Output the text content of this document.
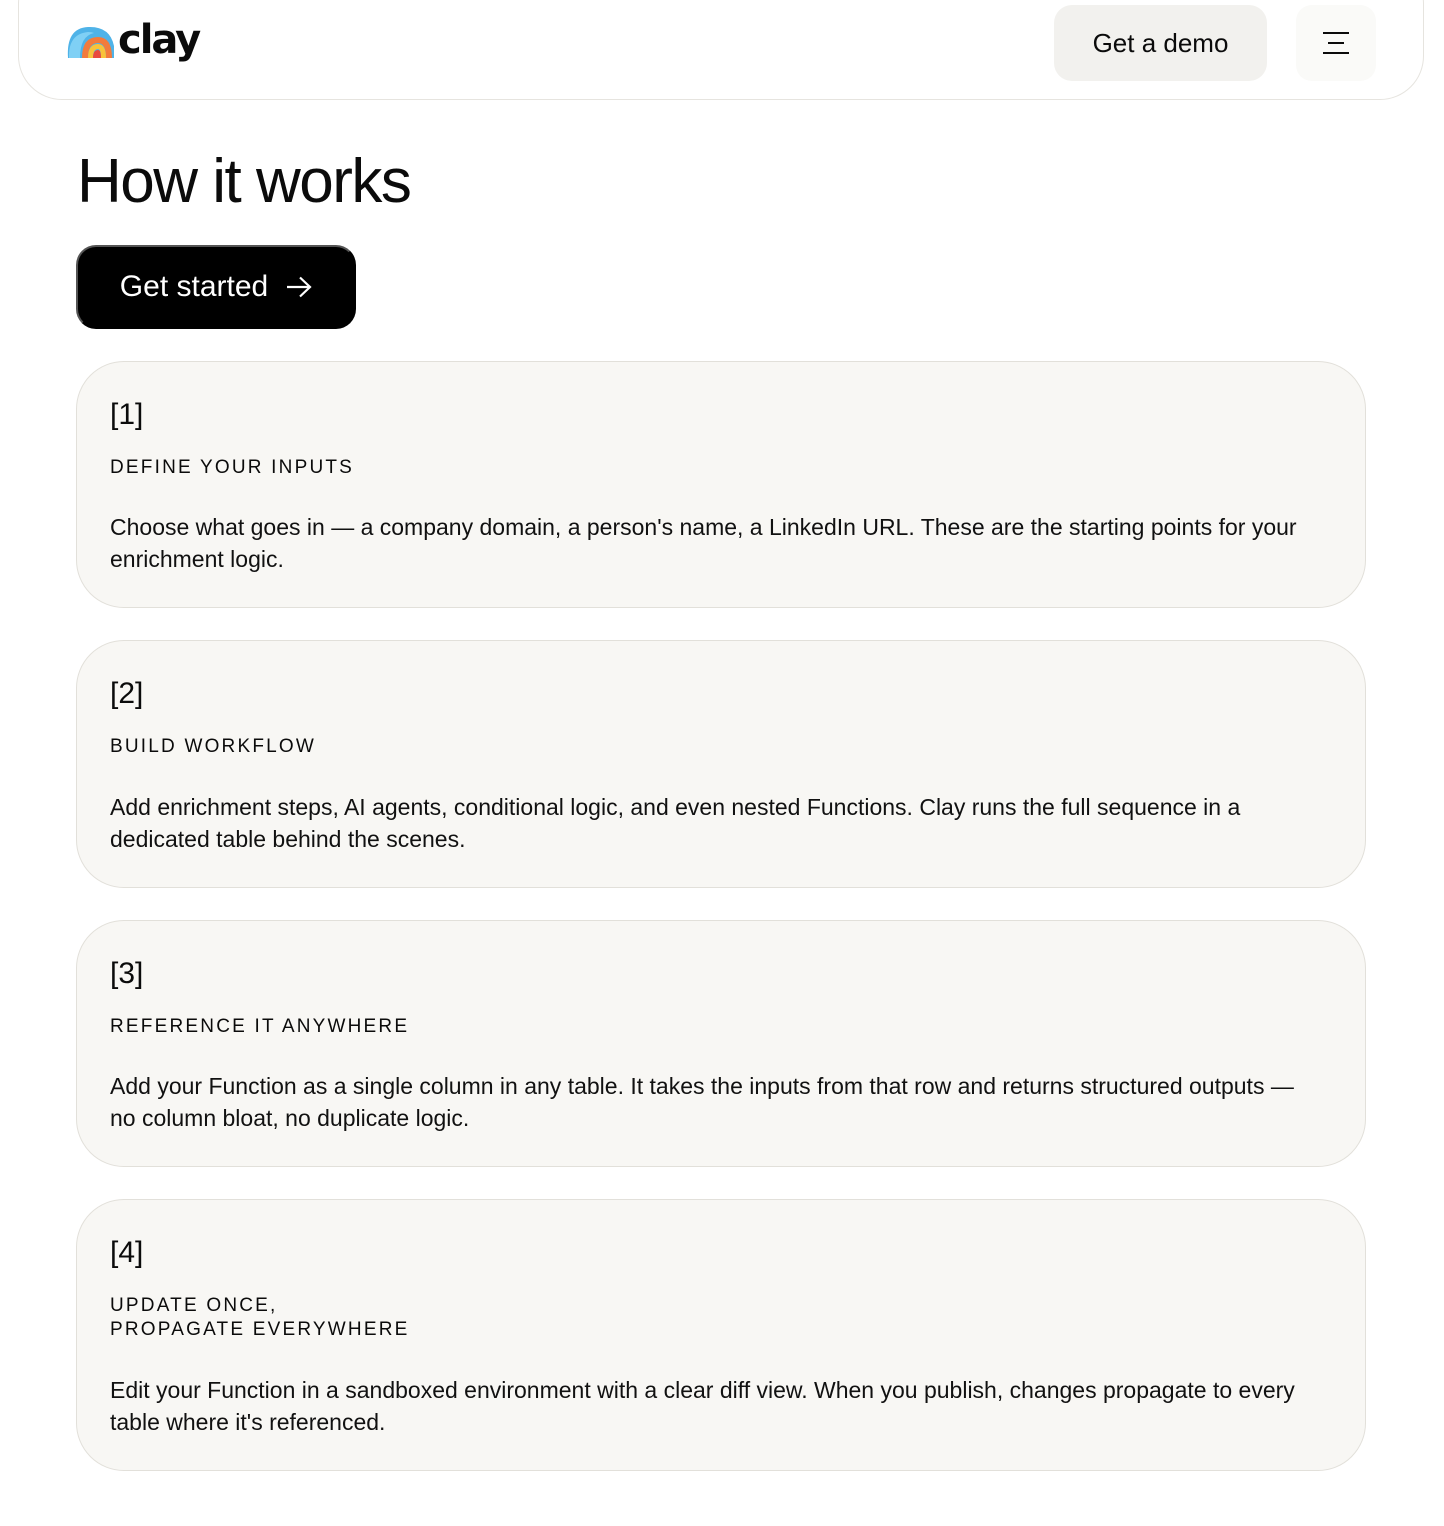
clay	Get a demo
How it works
Get started
[1]
DEFINE YOUR INPUTS
Choose what goes in — a company domain, a person's name, a LinkedIn URL. These are the starting points for your enrichment logic.
[2]
BUILD WORKFLOW
Add enrichment steps, AI agents, conditional logic, and even nested Functions. Clay runs the full sequence in a dedicated table behind the scenes.
[3]
REFERENCE IT ANYWHERE
Add your Function as a single column in any table. It takes the inputs from that row and returns structured outputs — no column bloat, no duplicate logic.
[4]
UPDATE ONCE,
PROPAGATE EVERYWHERE
Edit your Function in a sandboxed environment with a clear diff view. When you publish, changes propagate to every table where it's referenced.
